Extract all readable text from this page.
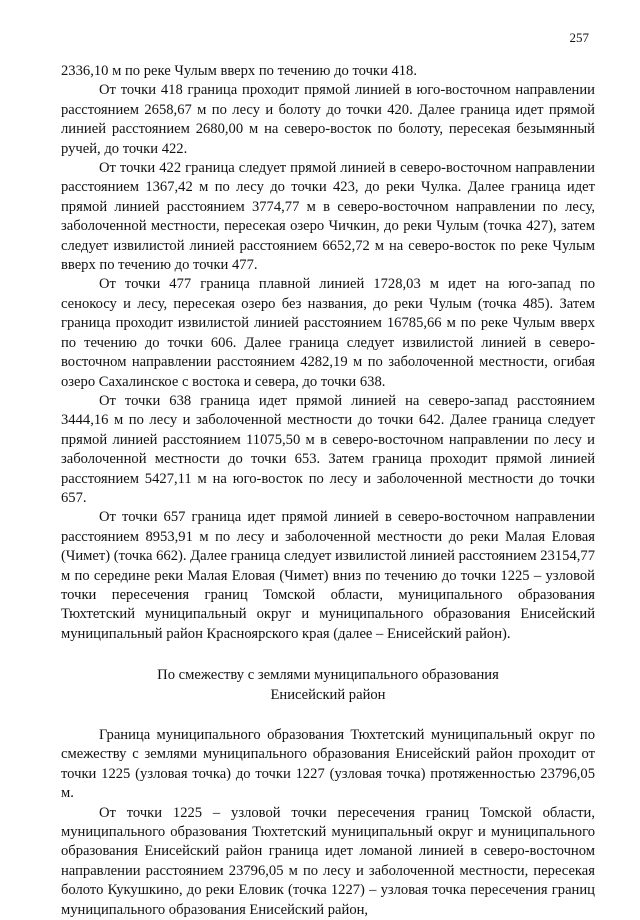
257

2336,10 м по реке Чулым вверх по течению до точки 418.

От точки 418 граница проходит прямой линией в юго-восточном направлении расстоянием 2658,67 м по лесу и болоту до точки 420. Далее граница идет прямой линией расстоянием 2680,00 м на северо-восток по болоту, пересекая безымянный ручей, до точки 422.

От точки 422 граница следует прямой линией в северо-восточном направлении расстоянием 1367,42 м по лесу до точки 423, до реки Чулка. Далее граница идет прямой линией расстоянием 3774,77 м в северо-восточном направлении по лесу, заболоченной местности, пересекая озеро Чичкин, до реки Чулым (точка 427), затем следует извилистой линией расстоянием 6652,72 м на северо-восток по реке Чулым вверх по течению до точки 477.

От точки 477 граница плавной линией 1728,03 м идет на юго-запад по сенокосу и лесу, пересекая озеро без названия, до реки Чулым (точка 485). Затем граница проходит извилистой линией расстоянием 16785,66 м по реке Чулым вверх по течению до точки 606. Далее граница следует извилистой линией в северо-восточном направлении расстоянием 4282,19 м по заболоченной местности, огибая озеро Сахалинское с востока и севера, до точки 638.

От точки 638 граница идет прямой линией на северо-запад расстоянием 3444,16 м по лесу и заболоченной местности до точки 642. Далее граница следует прямой линией расстоянием 11075,50 м в северо-восточном направлении по лесу и заболоченной местности до точки 653. Затем граница проходит прямой линией расстоянием 5427,11 м на юго-восток по лесу и заболоченной местности до точки 657.

От точки 657 граница идет прямой линией в северо-восточном направлении расстоянием 8953,91 м по лесу и заболоченной местности до реки Малая Еловая (Чимет) (точка 662). Далее граница следует извилистой линией расстоянием 23154,77 м по середине реки Малая Еловая (Чимет) вниз по течению до точки 1225 – узловой точки пересечения границ Томской области, муниципального образования Тюхтетский муниципальный округ и муниципального образования Енисейский муниципальный район Красноярского края (далее – Енисейский район).

По смежеству с землями муниципального образования
Енисейский район

Граница муниципального образования Тюхтетский муниципальный округ по смежеству с землями муниципального образования Енисейский район проходит от точки 1225 (узловая точка) до точки 1227 (узловая точка) протяженностью 23796,05 м.

От точки 1225 – узловой точки пересечения границ Томской области, муниципального образования Тюхтетский муниципальный округ и муниципального образования Енисейский район граница идет ломаной линией в северо-восточном направлении расстоянием 23796,05 м по лесу и заболоченной местности, пересекая болото Кукушкино, до реки Еловик (точка 1227) – узловая точка пересечения границ муниципального образования Енисейский район,
